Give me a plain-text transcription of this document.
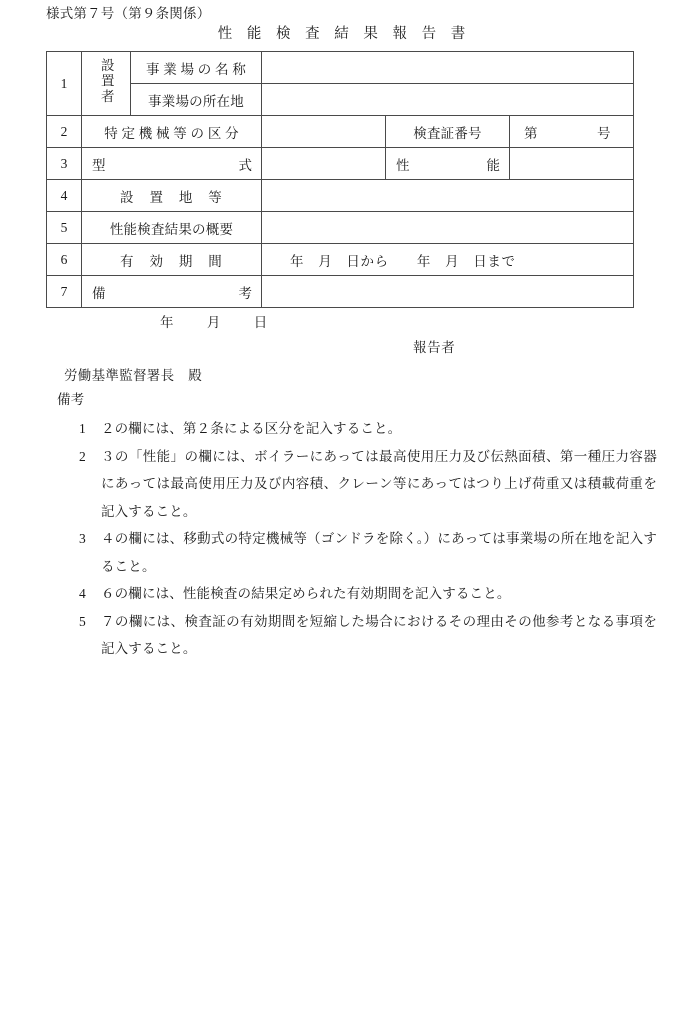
様式第７号（第９条関係）
性 能 検 査 結 果 報 告 書
1	設置者	事 業 場 の 名 称			

		事業場の所在地			

2	特 定 機 械 等 の 区 分			検査証番号	第 号

3	型 式			性 能	

4	設　置　地　等				

5	性能検査結果の概要				

6	有　効　期　間		年　月　日から　　年　月　日まで		

7	備 考				

年 月 日
報告者
労働基準監督署長　殿
備考
1	２の欄には、第２条による区分を記入すること。
2	３の「性能」の欄には、ボイラーにあっては最高使用圧力及び伝熱面積、第一種圧力容器にあっては最高使用圧力及び内容積、クレーン等にあってはつり上げ荷重又は積載荷重を記入すること。
3	４の欄には、移動式の特定機械等（ゴンドラを除く。）にあっては事業場の所在地を記入すること。
4	６の欄には、性能検査の結果定められた有効期間を記入すること。
5	７の欄には、検査証の有効期間を短縮した場合におけるその理由その他参考となる事項を記入すること。
